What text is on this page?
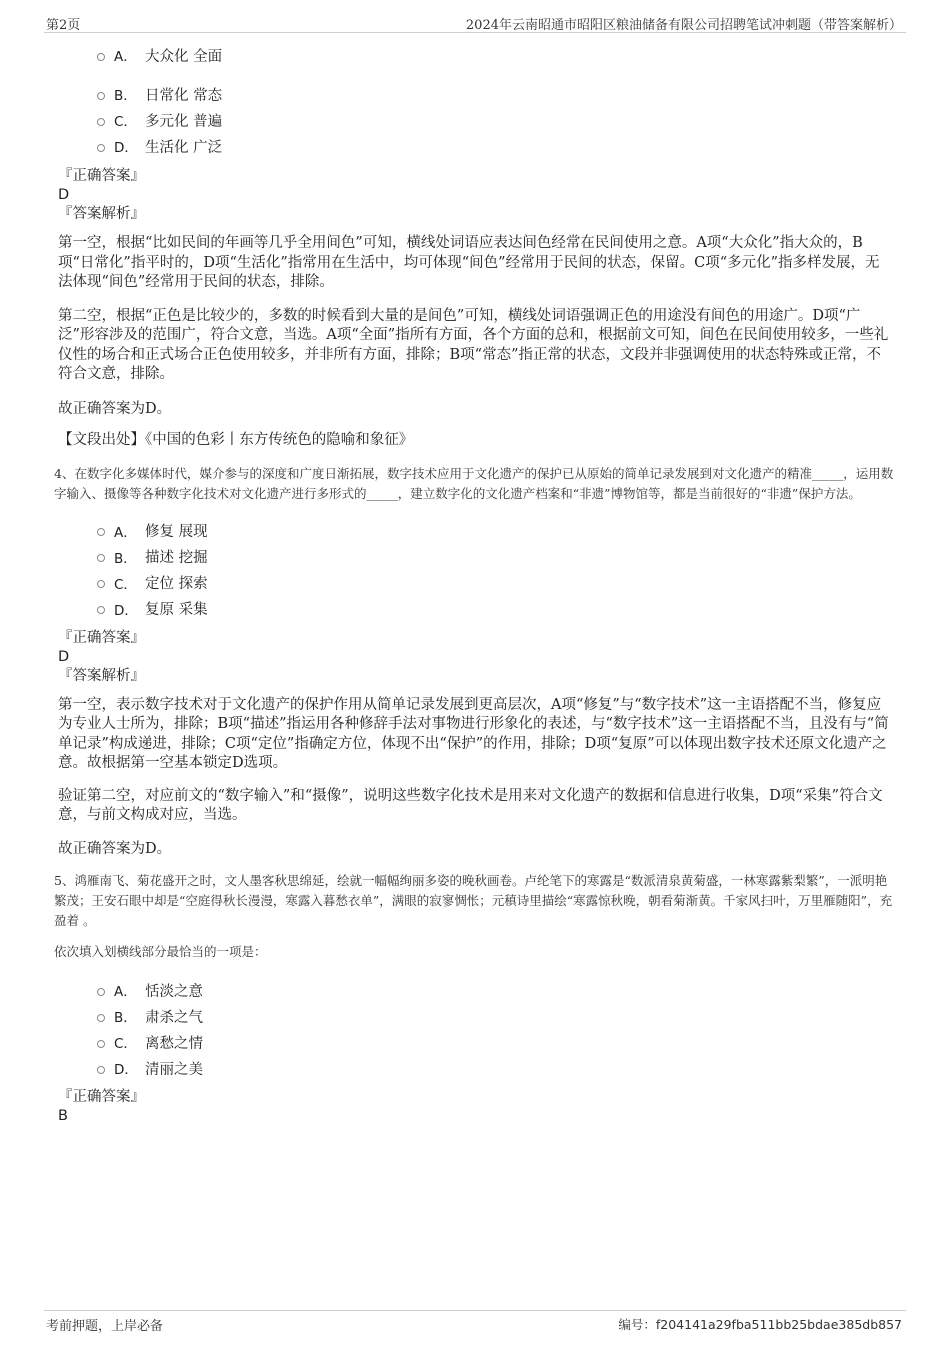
第2页	2024年云南昭通市昭阳区粮油储备有限公司招聘笔试冲刺题（带答案解析）
A． 大众化 全面
B． 日常化 常态
C． 多元化 普遍
D． 生活化 广泛
『正确答案』
D
『答案解析』

第一空，根据“比如民间的年画等几乎全用间色”可知，横线处词语应表达间色经常在民间使用之意。A项“大众化”指大众的，B项“日常化”指平时的，D项“生活化”指常用在生活中，均可体现“间色”经常用于民间的状态，保留。C项“多元化”指多样发展，无法体现“间色”经常用于民间的状态，排除。

第二空，根据“正色是比较少的，多数的时候看到大量的是间色”可知，横线处词语强调正色的用途没有间色的用途广。D项“广泛”形容涉及的范围广，符合文意，当选。A项“全面”指所有方面，各个方面的总和，根据前文可知，间色在民间使用较多，一些礼仪性的场合和正式场合正色使用较多，并非所有方面，排除；B项“常态”指正常的状态，文段并非强调使用的状态特殊或正常，不符合文意，排除。

故正确答案为D。

【文段出处】《中国的色彩丨东方传统色的隐喻和象征》

4、在数字化多媒体时代，媒介参与的深度和广度日渐拓展，数字技术应用于文化遗产的保护已从原始的简单记录发展到对文化遗产的精准_____，运用数字输入、摄像等各种数字化技术对文化遗产进行多形式的_____，建立数字化的文化遗产档案和“非遗”博物馆等，都是当前很好的“非遗”保护方法。

A． 修复 展现
B． 描述 挖掘
C． 定位 探索
D． 复原 采集
『正确答案』
D
『答案解析』

第一空，表示数字技术对于文化遗产的保护作用从简单记录发展到更高层次，A项“修复”与“数字技术”这一主语搭配不当，修复应为专业人士所为，排除；B项“描述”指运用各种修辞手法对事物进行形象化的表述，与“数字技术”这一主语搭配不当，且没有与“简单记录”构成递进，排除；C项“定位”指确定方位，体现不出“保护”的作用，排除；D项“复原”可以体现出数字技术还原文化遗产之意。故根据第一空基本锁定D选项。

验证第二空，对应前文的“数字输入”和“摄像”，说明这些数字化技术是用来对文化遗产的数据和信息进行收集，D项“采集”符合文意，与前文构成对应，当选。

故正确答案为D。

5、鸿雁南飞、菊花盛开之时，文人墨客秋思绵延，绘就一幅幅绚丽多姿的晚秋画卷。卢纶笔下的寒露是“数派清泉黄菊盛，一林寒露紫梨繁”，一派明艳繁茂；王安石眼中却是“空庭得秋长漫漫，寒露入暮愁衣单”，满眼的寂寥惆怅；元稹诗里描绘“寒露惊秋晚，朝看菊渐黄。千家风扫叶，万里雁随阳”，充盈着 。

依次填入划横线部分最恰当的一项是：

A． 恬淡之意
B． 肃杀之气
C． 离愁之情
D． 清丽之美
『正确答案』
B
考前押题，上岸必备	编号：f204141a29fba511bb25bdae385db857
